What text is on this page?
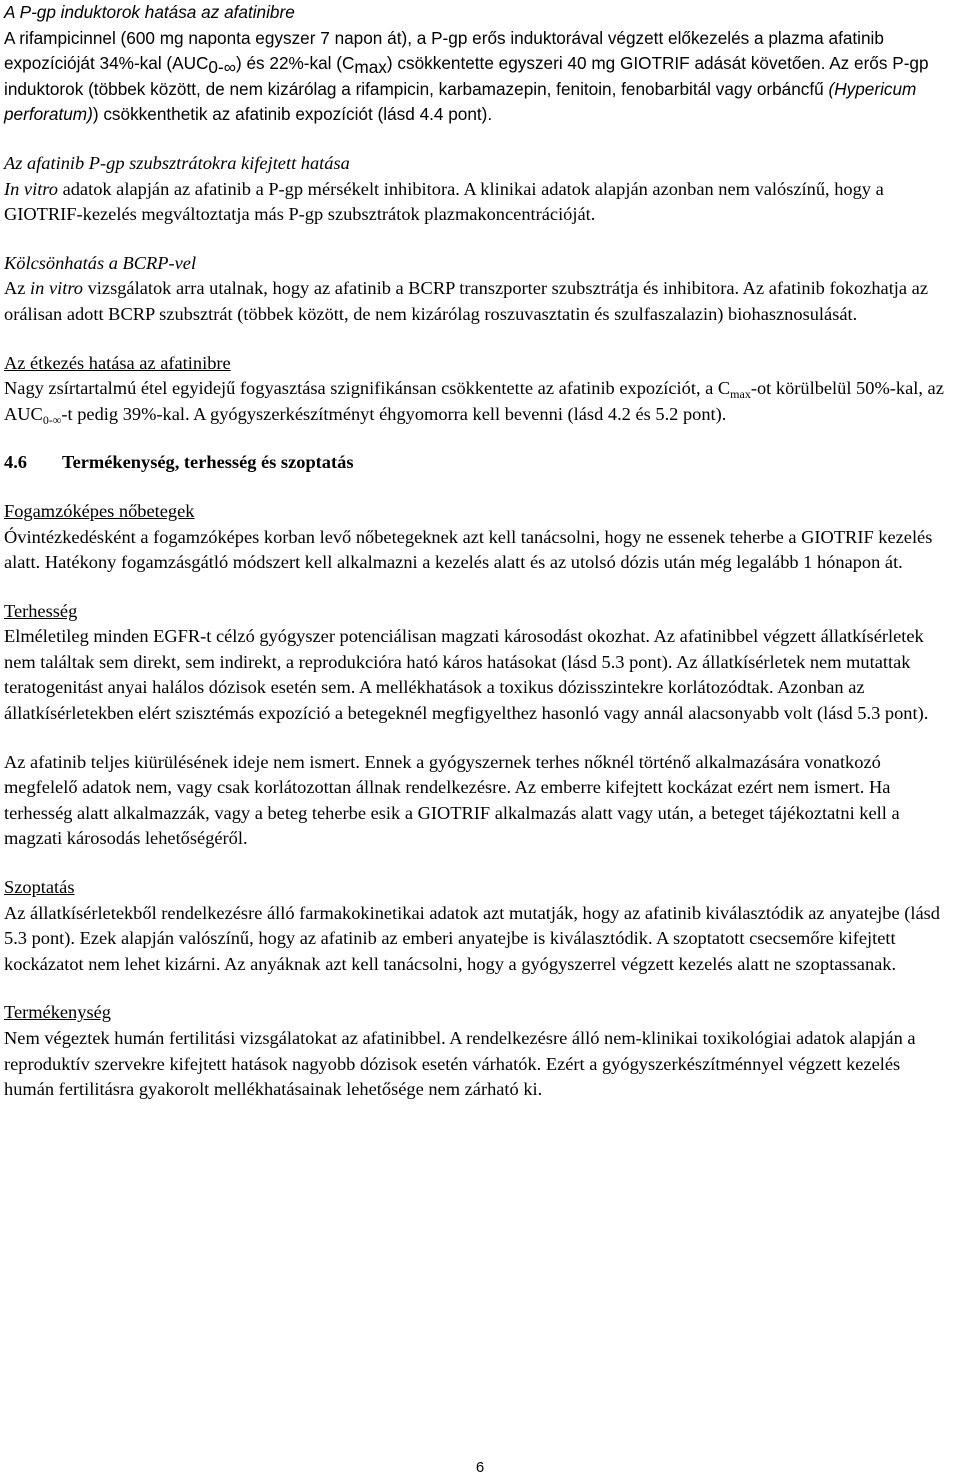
A P-gp induktorok hatása az afatinibre

A rifampicinnel (600 mg naponta egyszer 7 napon át), a P-gp erős induktorával végzett előkezelés a plazma afatinib expozícióját 34%-kal (AUC0-∞) és 22%-kal (Cmax) csökkentette egyszeri 40 mg GIOTRIF adását követően. Az erős P-gp induktorok (többek között, de nem kizárólag a rifampicin, karbamazepin, fenitoin, fenobarbitál vagy orbáncfű (Hypericum perforatum)) csökkenthetik az afatinib expozíciót (lásd 4.4 pont).

Az afatinib P-gp szubsztrátokra kifejtett hatása

In vitro adatok alapján az afatinib a P-gp mérsékelt inhibitora. A klinikai adatok alapján azonban nem valószínű, hogy a GIOTRIF-kezelés megváltoztatja más P-gp szubsztrátok plazmakoncentrációját.

Kölcsönhatás a BCRP-vel

Az in vitro vizsgálatok arra utalnak, hogy az afatinib a BCRP transzporter szubsztrátja és inhibitora. Az afatinib fokozhatja az orálisan adott BCRP szubsztrát (többek között, de nem kizárólag roszuvasztatin és szulfaszalazin) biohasznosulását.

Az étkezés hatása az afatinibre

Nagy zsírtartalmú étel egyidejű fogyasztása szignifikánsan csökkentette az afatinib expozíciót, a $C_{max}-ot$ körülbelül 50%-kal, az $AUC_{0-\infty}-t$ pedig 39%-kal. A gyógyszerkészítményt éhgyomorra kell bevenni (lásd 4.2 és 5.2 pont).

4.6 Termékenység, terhesség és szoptatás

Fogamzóképes nőbetegek

Óvintézkedésként a fogamzóképes korban levő nőbetegeknek azt kell tanácsolni, hogy ne essenek teherbe a GIOTRIF kezelés alatt. Hatékony fogamzásgátló módszert kell alkalmazni a kezelés alatt és az utolsó dózis után még legalább 1 hónapon át.

Terhesség

Elméletileg minden EGFR-t célzó gyógyszer potenciálisan magzati károsodást okozhat. Az afatinibbel végzett állatkísérletek nem találtak sem direkt, sem indirekt, a reprodukcióra ható káros hatásokat (lásd 5.3 pont). Az állatkísérletek nem mutattak teratogenitást anyai halálos dózisok esetén sem. A mellékhatások a toxikus dózisszintekre korlátozódtak. Azonban az állatkísérletekben elért szisztémás expozíció a betegeknél megfigyelthez hasonló vagy annál alacsonyabb volt (lásd 5.3 pont).

Az afatinib teljes kiürülésének ideje nem ismert. Ennek a gyógyszernek terhes nőknél történő alkalmazására vonatkozó megfelelő adatok nem, vagy csak korlátozottan állnak rendelkezésre. Az emberre kifejtett kockázat ezért nem ismert. Ha terhesség alatt alkalmazzák, vagy a beteg teherbe esik a GIOTRIF alkalmazás alatt vagy után, a beteget tájékoztatni kell a magzati károsodás lehetőségéről.

Szoptatás

Az állatkísérletekből rendelkezésre álló farmakokinetikai adatok azt mutatják, hogy az afatinib kiválasztódik az anyatejbe (lásd 5.3 pont). Ezek alapján valószínű, hogy az afatinib az emberi anyatejbe is kiválasztódik. A szoptatott csecsemőre kifejtett kockázatot nem lehet kizárni. Az anyáknak azt kell tanácsolni, hogy a gyógyszerrel végzett kezelés alatt ne szoptassanak.

Termékenység

Nem végeztek humán fertilitási vizsgálatokat az afatinibbel. A rendelkezésre álló nem-klinikai toxikológiai adatok alapján a reproduktív szervekre kifejtett hatások nagyobb dózisok esetén várhatók. Ezért a gyógyszerkészítménnyel végzett kezelés humán fertilitásra gyakorolt mellékhatásainak lehetősége nem zárható ki.

6
